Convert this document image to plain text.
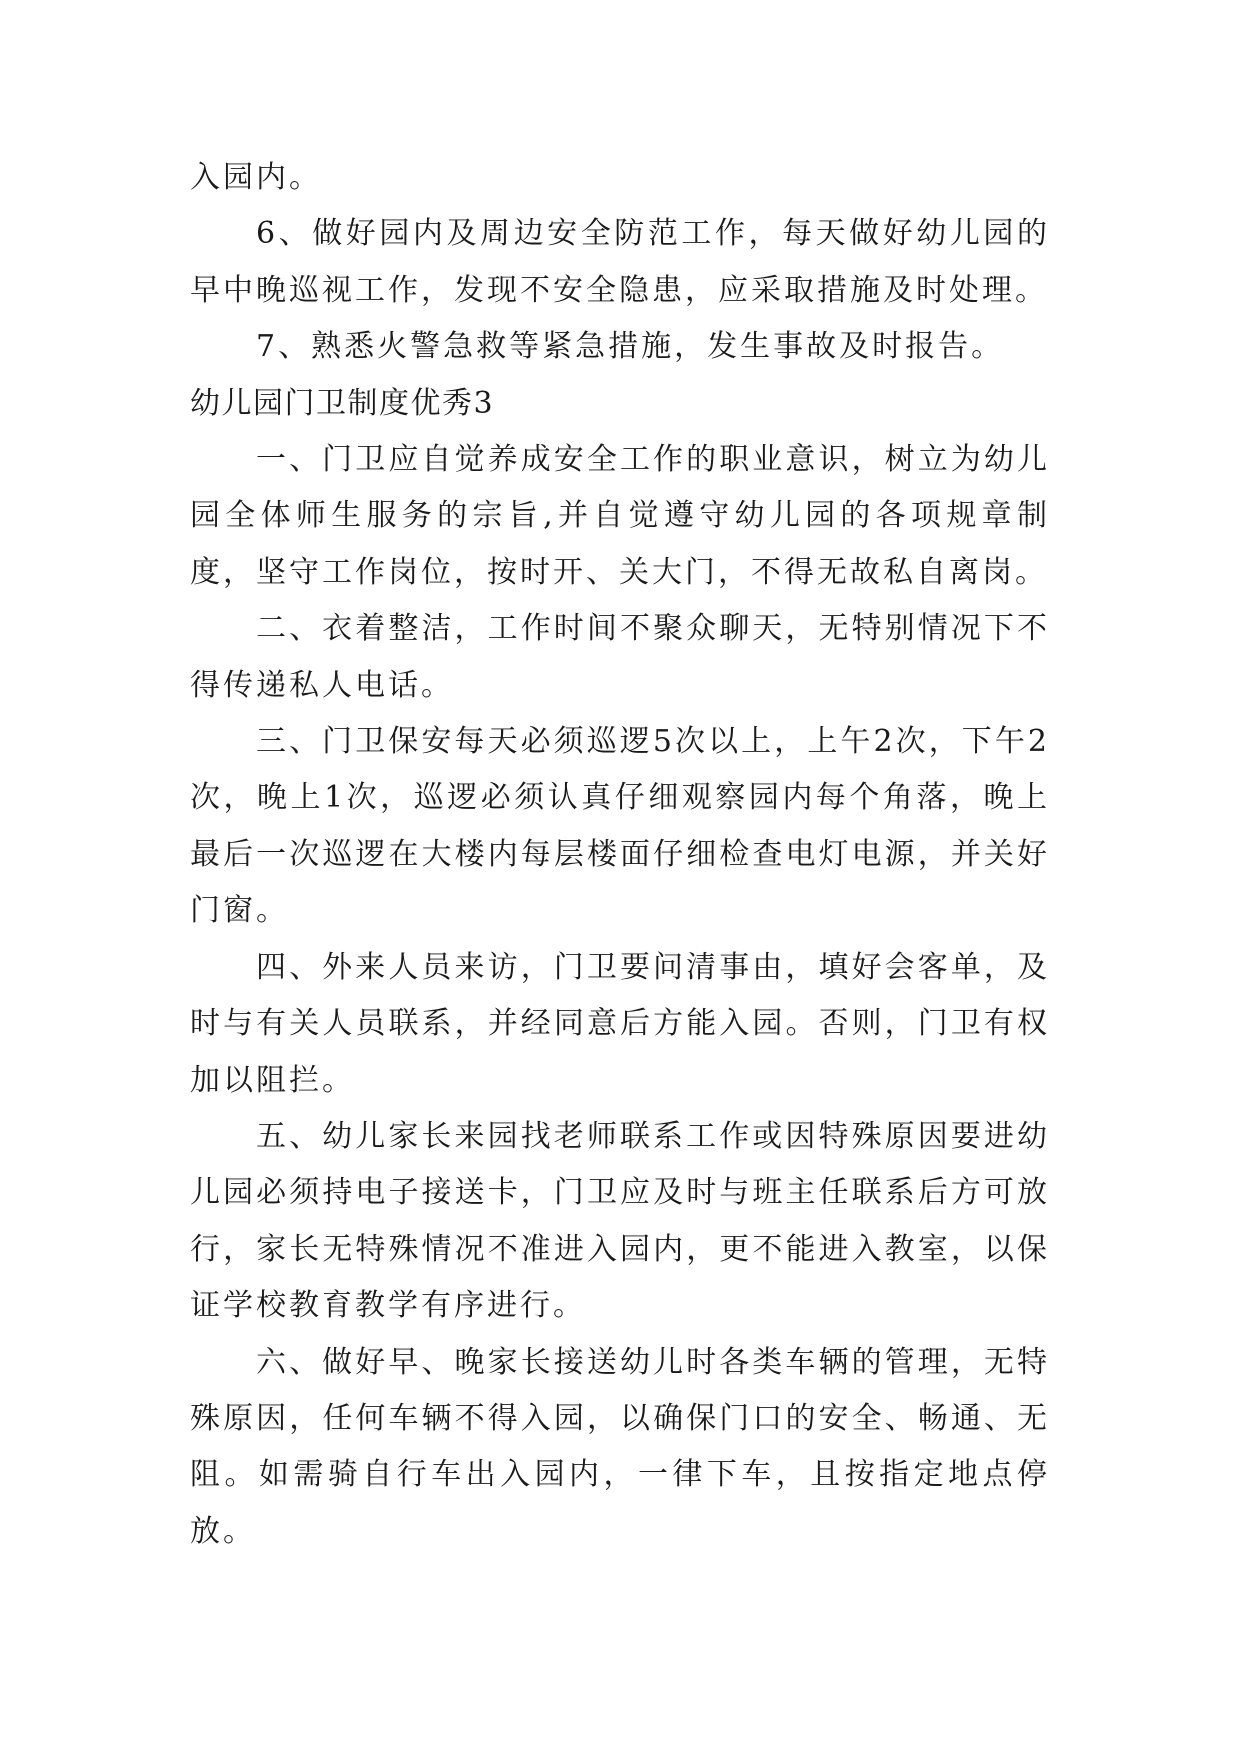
入园内。

6、做好园内及周边安全防范工作，每天做好幼儿园的早中晚巡视工作，发现不安全隐患，应采取措施及时处理。

7、熟悉火警急救等紧急措施，发生事故及时报告。

幼儿园门卫制度优秀3

一、门卫应自觉养成安全工作的职业意识，树立为幼儿园全体师生服务的宗旨,并自觉遵守幼儿园的各项规章制度，坚守工作岗位，按时开、关大门，不得无故私自离岗。

二、衣着整洁，工作时间不聚众聊天，无特别情况下不得传递私人电话。

三、门卫保安每天必须巡逻5次以上，上午2次，下午2次，晚上1次，巡逻必须认真仔细观察园内每个角落，晚上最后一次巡逻在大楼内每层楼面仔细检查电灯电源，并关好门窗。

四、外来人员来访，门卫要问清事由，填好会客单，及时与有关人员联系，并经同意后方能入园。否则，门卫有权加以阻拦。

五、幼儿家长来园找老师联系工作或因特殊原因要进幼儿园必须持电子接送卡，门卫应及时与班主任联系后方可放行，家长无特殊情况不准进入园内，更不能进入教室，以保证学校教育教学有序进行。

六、做好早、晚家长接送幼儿时各类车辆的管理，无特殊原因，任何车辆不得入园，以确保门口的安全、畅通、无阻。如需骑自行车出入园内，一律下车，且按指定地点停放。
